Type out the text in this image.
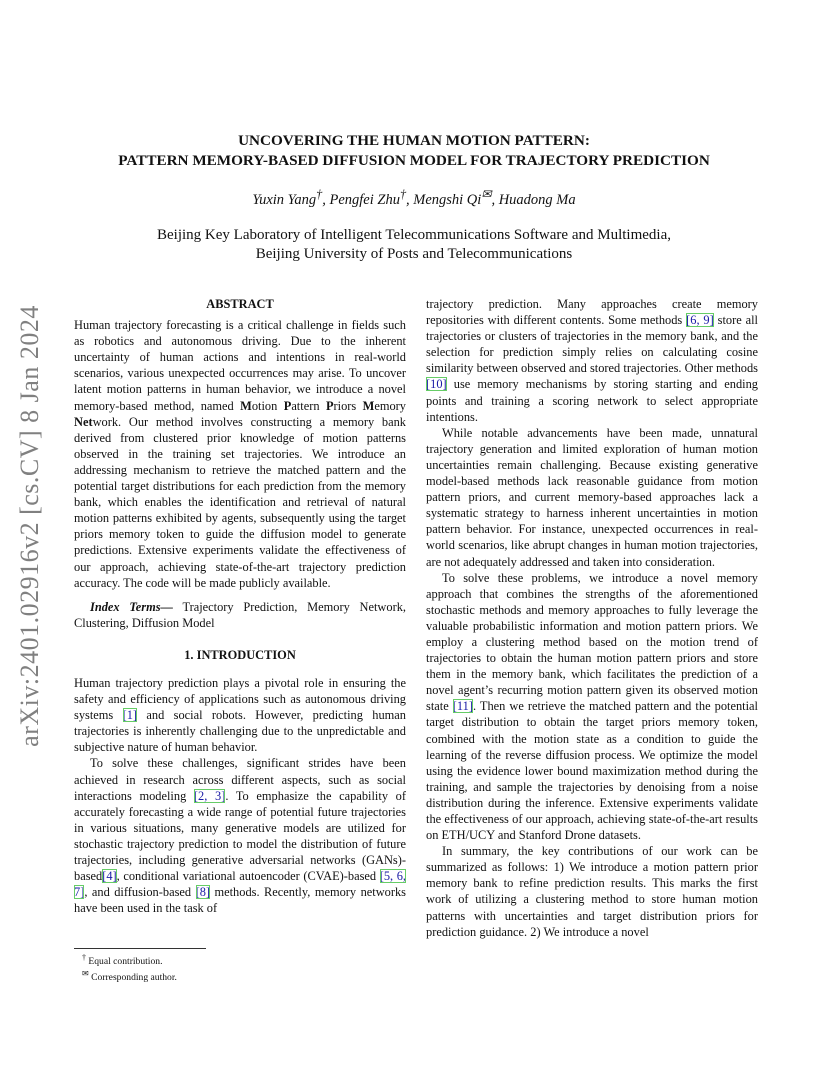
arXiv:2401.02916v2 [cs.CV] 8 Jan 2024
UNCOVERING THE HUMAN MOTION PATTERN:
PATTERN MEMORY-BASED DIFFUSION MODEL FOR TRAJECTORY PREDICTION
Yuxin Yang†, Pengfei Zhu†, Mengshi Qi✉, Huadong Ma
Beijing Key Laboratory of Intelligent Telecommunications Software and Multimedia,
Beijing University of Posts and Telecommunications
ABSTRACT

Human trajectory forecasting is a critical challenge in fields such as robotics and autonomous driving. Due to the inherent uncertainty of human actions and intentions in real-world scenarios, various unexpected occurrences may arise. To uncover latent motion patterns in human behavior, we introduce a novel memory-based method, named Motion Pattern Priors Memory Network. Our method involves constructing a memory bank derived from clustered prior knowledge of motion patterns observed in the training set trajectories. We introduce an addressing mechanism to retrieve the matched pattern and the potential target distributions for each prediction from the memory bank, which enables the identification and retrieval of natural motion patterns exhibited by agents, subsequently using the target priors memory token to guide the diffusion model to generate predictions. Extensive experiments validate the effectiveness of our approach, achieving state-of-the-art trajectory prediction accuracy. The code will be made publicly available.

Index Terms— Trajectory Prediction, Memory Network, Clustering, Diffusion Model

1. INTRODUCTION

Human trajectory prediction plays a pivotal role in ensuring the safety and efficiency of applications such as autonomous driving systems [1] and social robots. However, predicting human trajectories is inherently challenging due to the unpredictable and subjective nature of human behavior.

To solve these challenges, significant strides have been achieved in research across different aspects, such as social interactions modeling [2, 3]. To emphasize the capability of accurately forecasting a wide range of potential future trajectories in various situations, many generative models are utilized for stochastic trajectory prediction to model the distribution of future trajectories, including generative adversarial networks (GANs)-based[4], conditional variational autoencoder (CVAE)-based [5, 6, 7], and diffusion-based [8] methods. Recently, memory networks have been used in the task of

† Equal contribution.
✉ Corresponding author.

trajectory prediction. Many approaches create memory repositories with different contents. Some methods [6, 9] store all trajectories or clusters of trajectories in the memory bank, and the selection for prediction simply relies on calculating cosine similarity between observed and stored trajectories. Other methods [10] use memory mechanisms by storing starting and ending points and training a scoring network to select appropriate intentions.

While notable advancements have been made, unnatural trajectory generation and limited exploration of human motion uncertainties remain challenging. Because existing generative model-based methods lack reasonable guidance from motion pattern priors, and current memory-based approaches lack a systematic strategy to harness inherent uncertainties in motion pattern behavior. For instance, unexpected occurrences in real-world scenarios, like abrupt changes in human motion trajectories, are not adequately addressed and taken into consideration.

To solve these problems, we introduce a novel memory approach that combines the strengths of the aforementioned stochastic methods and memory approaches to fully leverage the valuable probabilistic information and motion pattern priors. We employ a clustering method based on the motion trend of trajectories to obtain the human motion pattern priors and store them in the memory bank, which facilitates the prediction of a novel agent’s recurring motion pattern given its observed motion state [11]. Then we retrieve the matched pattern and the potential target distribution to obtain the target priors memory token, combined with the motion state as a condition to guide the learning of the reverse diffusion process. We optimize the model using the evidence lower bound maximization method during the training, and sample the trajectories by denoising from a noise distribution during the inference. Extensive experiments validate the effectiveness of our approach, achieving state-of-the-art results on ETH/UCY and Stanford Drone datasets.

In summary, the key contributions of our work can be summarized as follows: 1) We introduce a motion pattern prior memory bank to refine prediction results. This marks the first work of utilizing a clustering method to store human motion patterns with uncertainties and target distribution priors for prediction guidance. 2) We introduce a novel
